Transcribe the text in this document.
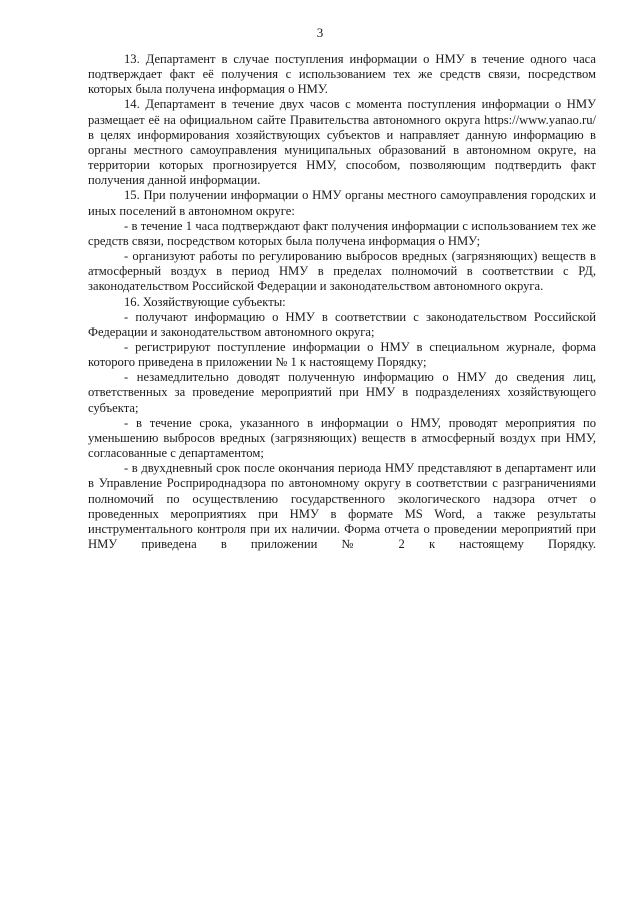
3

13. Департамент в случае поступления информации о НМУ в течение одного часа подтверждает факт её получения с использованием тех же средств связи, посредством которых была получена информация о НМУ.

14. Департамент в течение двух часов с момента поступления информации о НМУ размещает её на официальном сайте Правительства автономного округа https://www.yanao.ru/ в целях информирования хозяйствующих субъектов и направляет данную информацию в органы местного самоуправления муниципальных образований в автономном округе, на территории которых прогнозируется НМУ, способом, позволяющим подтвердить факт получения данной информации.

15. При получении информации о НМУ органы местного самоуправления городских и иных поселений в автономном округе:

- в течение 1 часа подтверждают факт получения информации с использованием тех же средств связи, посредством которых была получена информация о НМУ;

- организуют работы по регулированию выбросов вредных (загрязняющих) веществ в атмосферный воздух в период НМУ в пределах полномочий в соответствии с РД, законодательством Российской Федерации и законодательством автономного округа.

16. Хозяйствующие субъекты:

- получают информацию о НМУ в соответствии с законодательством Российской Федерации и законодательством автономного округа;

- регистрируют поступление информации о НМУ в специальном журнале, форма которого приведена в приложении № 1 к настоящему Порядку;

- незамедлительно доводят полученную информацию о НМУ до сведения лиц, ответственных за проведение мероприятий при НМУ в подразделениях хозяйствующего субъекта;

- в течение срока, указанного в информации о НМУ, проводят мероприятия по уменьшению выбросов вредных (загрязняющих) веществ в атмосферный воздух при НМУ, согласованные с департаментом;

- в двухдневный срок после окончания периода НМУ представляют в департамент или в Управление Росприроднадзора по автономному округу в соответствии с разграничениями полномочий по осуществлению государственного экологического надзора отчет о проведенных мероприятиях при НМУ в формате MS Word, а также результаты инструментального контроля при их наличии. Форма отчета о проведении мероприятий при НМУ приведена в приложении № 2 к настоящему Порядку.
